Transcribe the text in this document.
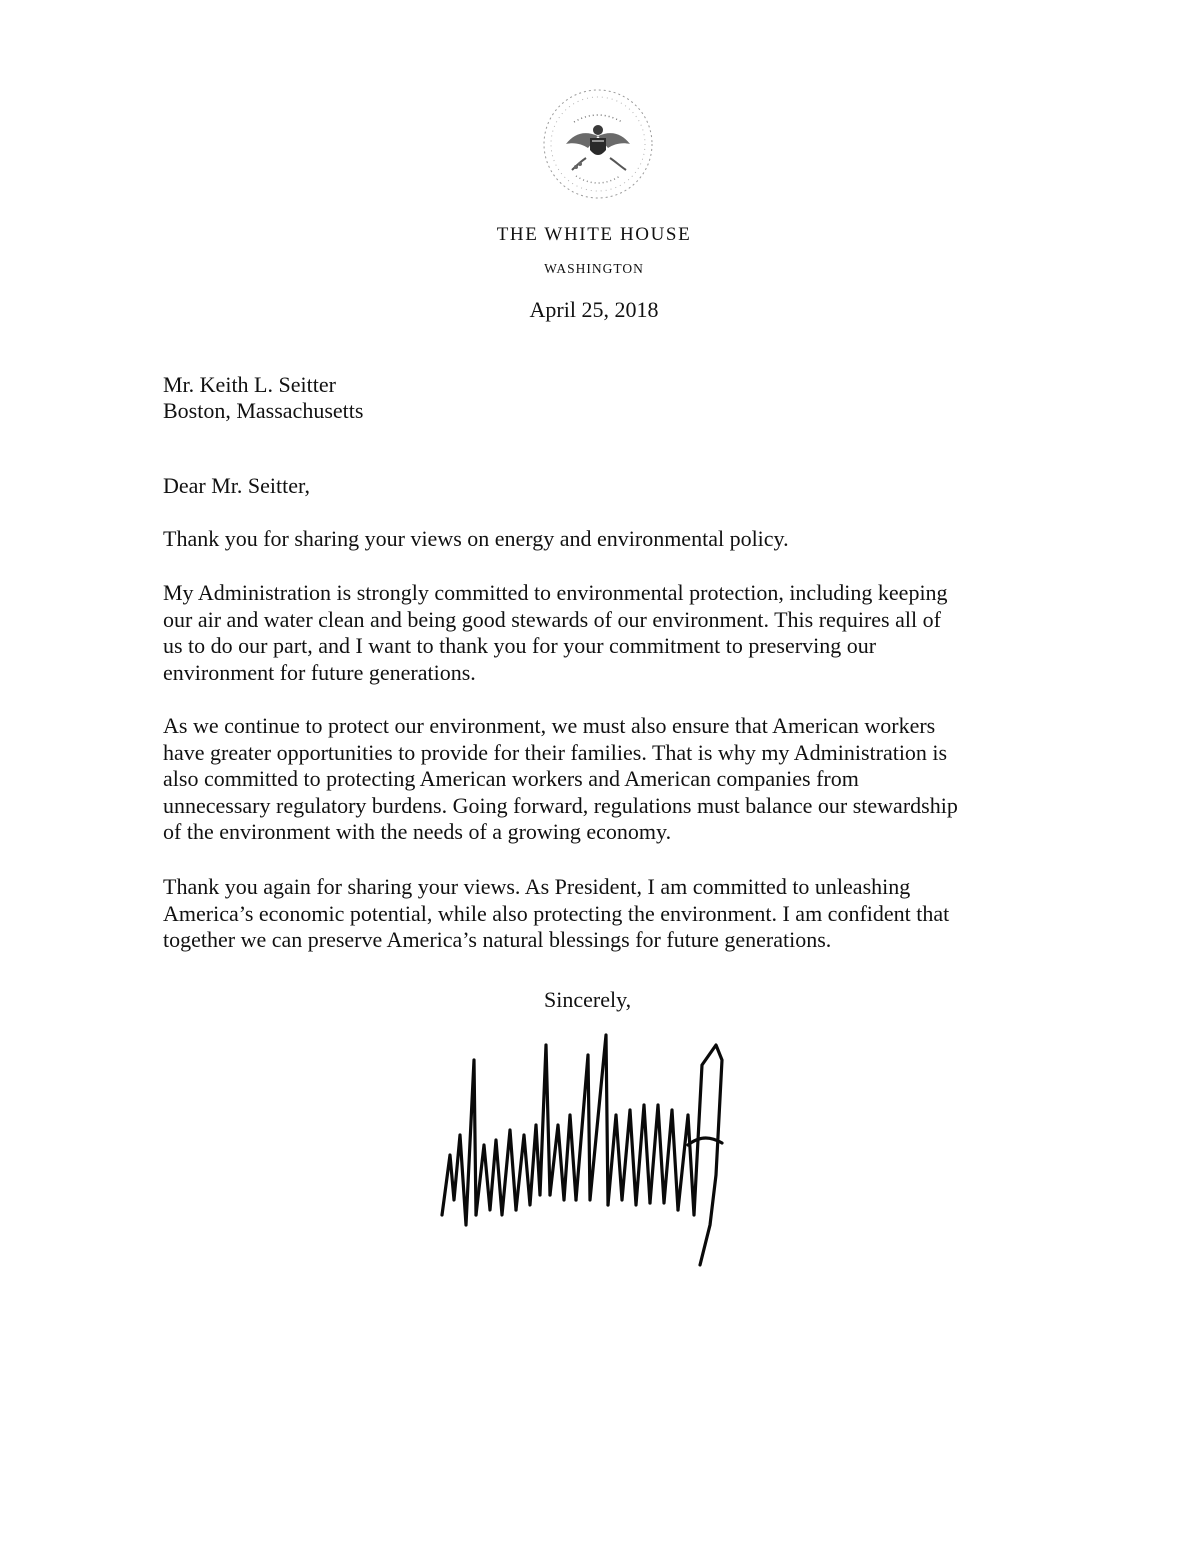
THE WHITE HOUSE
WASHINGTON
April 25, 2018
Mr. Keith L. Seitter
Boston, Massachusetts
Dear Mr. Seitter,
Thank you for sharing your views on energy and environmental policy.
My Administration is strongly committed to environmental protection, including keeping
our air and water clean and being good stewards of our environment. This requires all of
us to do our part, and I want to thank you for your commitment to preserving our
environment for future generations.
As we continue to protect our environment, we must also ensure that American workers
have greater opportunities to provide for their families. That is why my Administration is
also committed to protecting American workers and American companies from
unnecessary regulatory burdens. Going forward, regulations must balance our stewardship
of the environment with the needs of a growing economy.
Thank you again for sharing your views. As President, I am committed to unleashing
America’s economic potential, while also protecting the environment. I am confident that
together we can preserve America’s natural blessings for future generations.
Sincerely,
